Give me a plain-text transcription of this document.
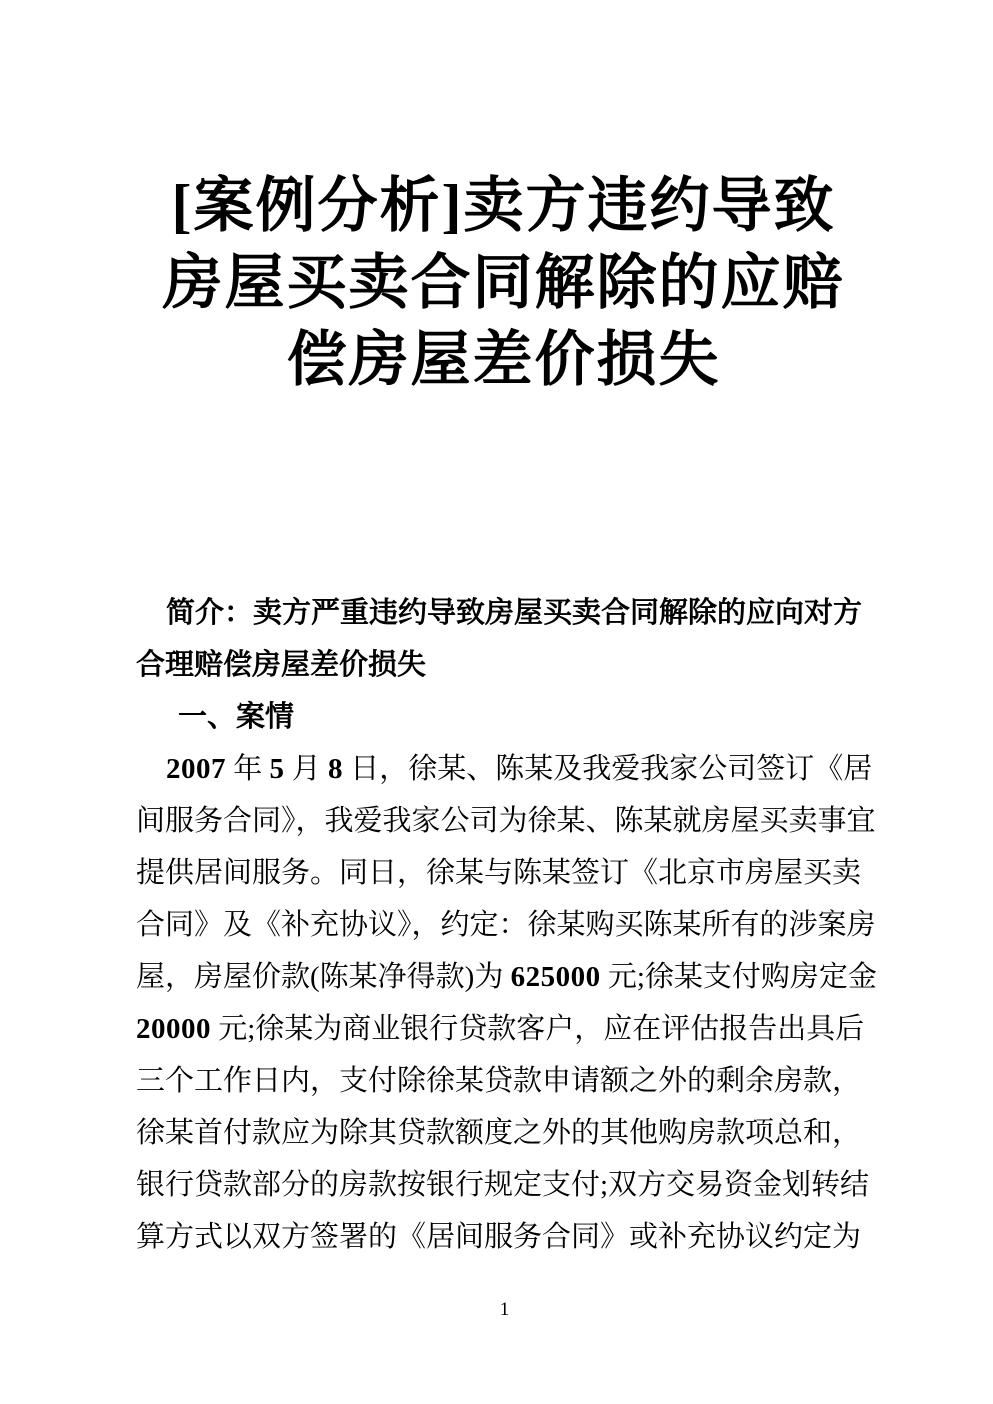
[案例分析]卖方违约导致
房屋买卖合同解除的应赔
偿房屋差价损失
简介：卖方严重违约导致房屋买卖合同解除的应向对方
合理赔偿房屋差价损失
一、案情
2007 年 5 月 8 日，徐某、陈某及我爱我家公司签订《居
间服务合同》，我爱我家公司为徐某、陈某就房屋买卖事宜
提供居间服务。同日，徐某与陈某签订《北京市房屋买卖
合同》及《补充协议》，约定：徐某购买陈某所有的涉案房
屋，房屋价款(陈某净得款)为 625000 元;徐某支付购房定金
20000 元;徐某为商业银行贷款客户，应在评估报告出具后
三个工作日内，支付除徐某贷款申请额之外的剩余房款，
徐某首付款应为除其贷款额度之外的其他购房款项总和，
银行贷款部分的房款按银行规定支付;双方交易资金划转结
算方式以双方签署的《居间服务合同》或补充协议约定为
1
